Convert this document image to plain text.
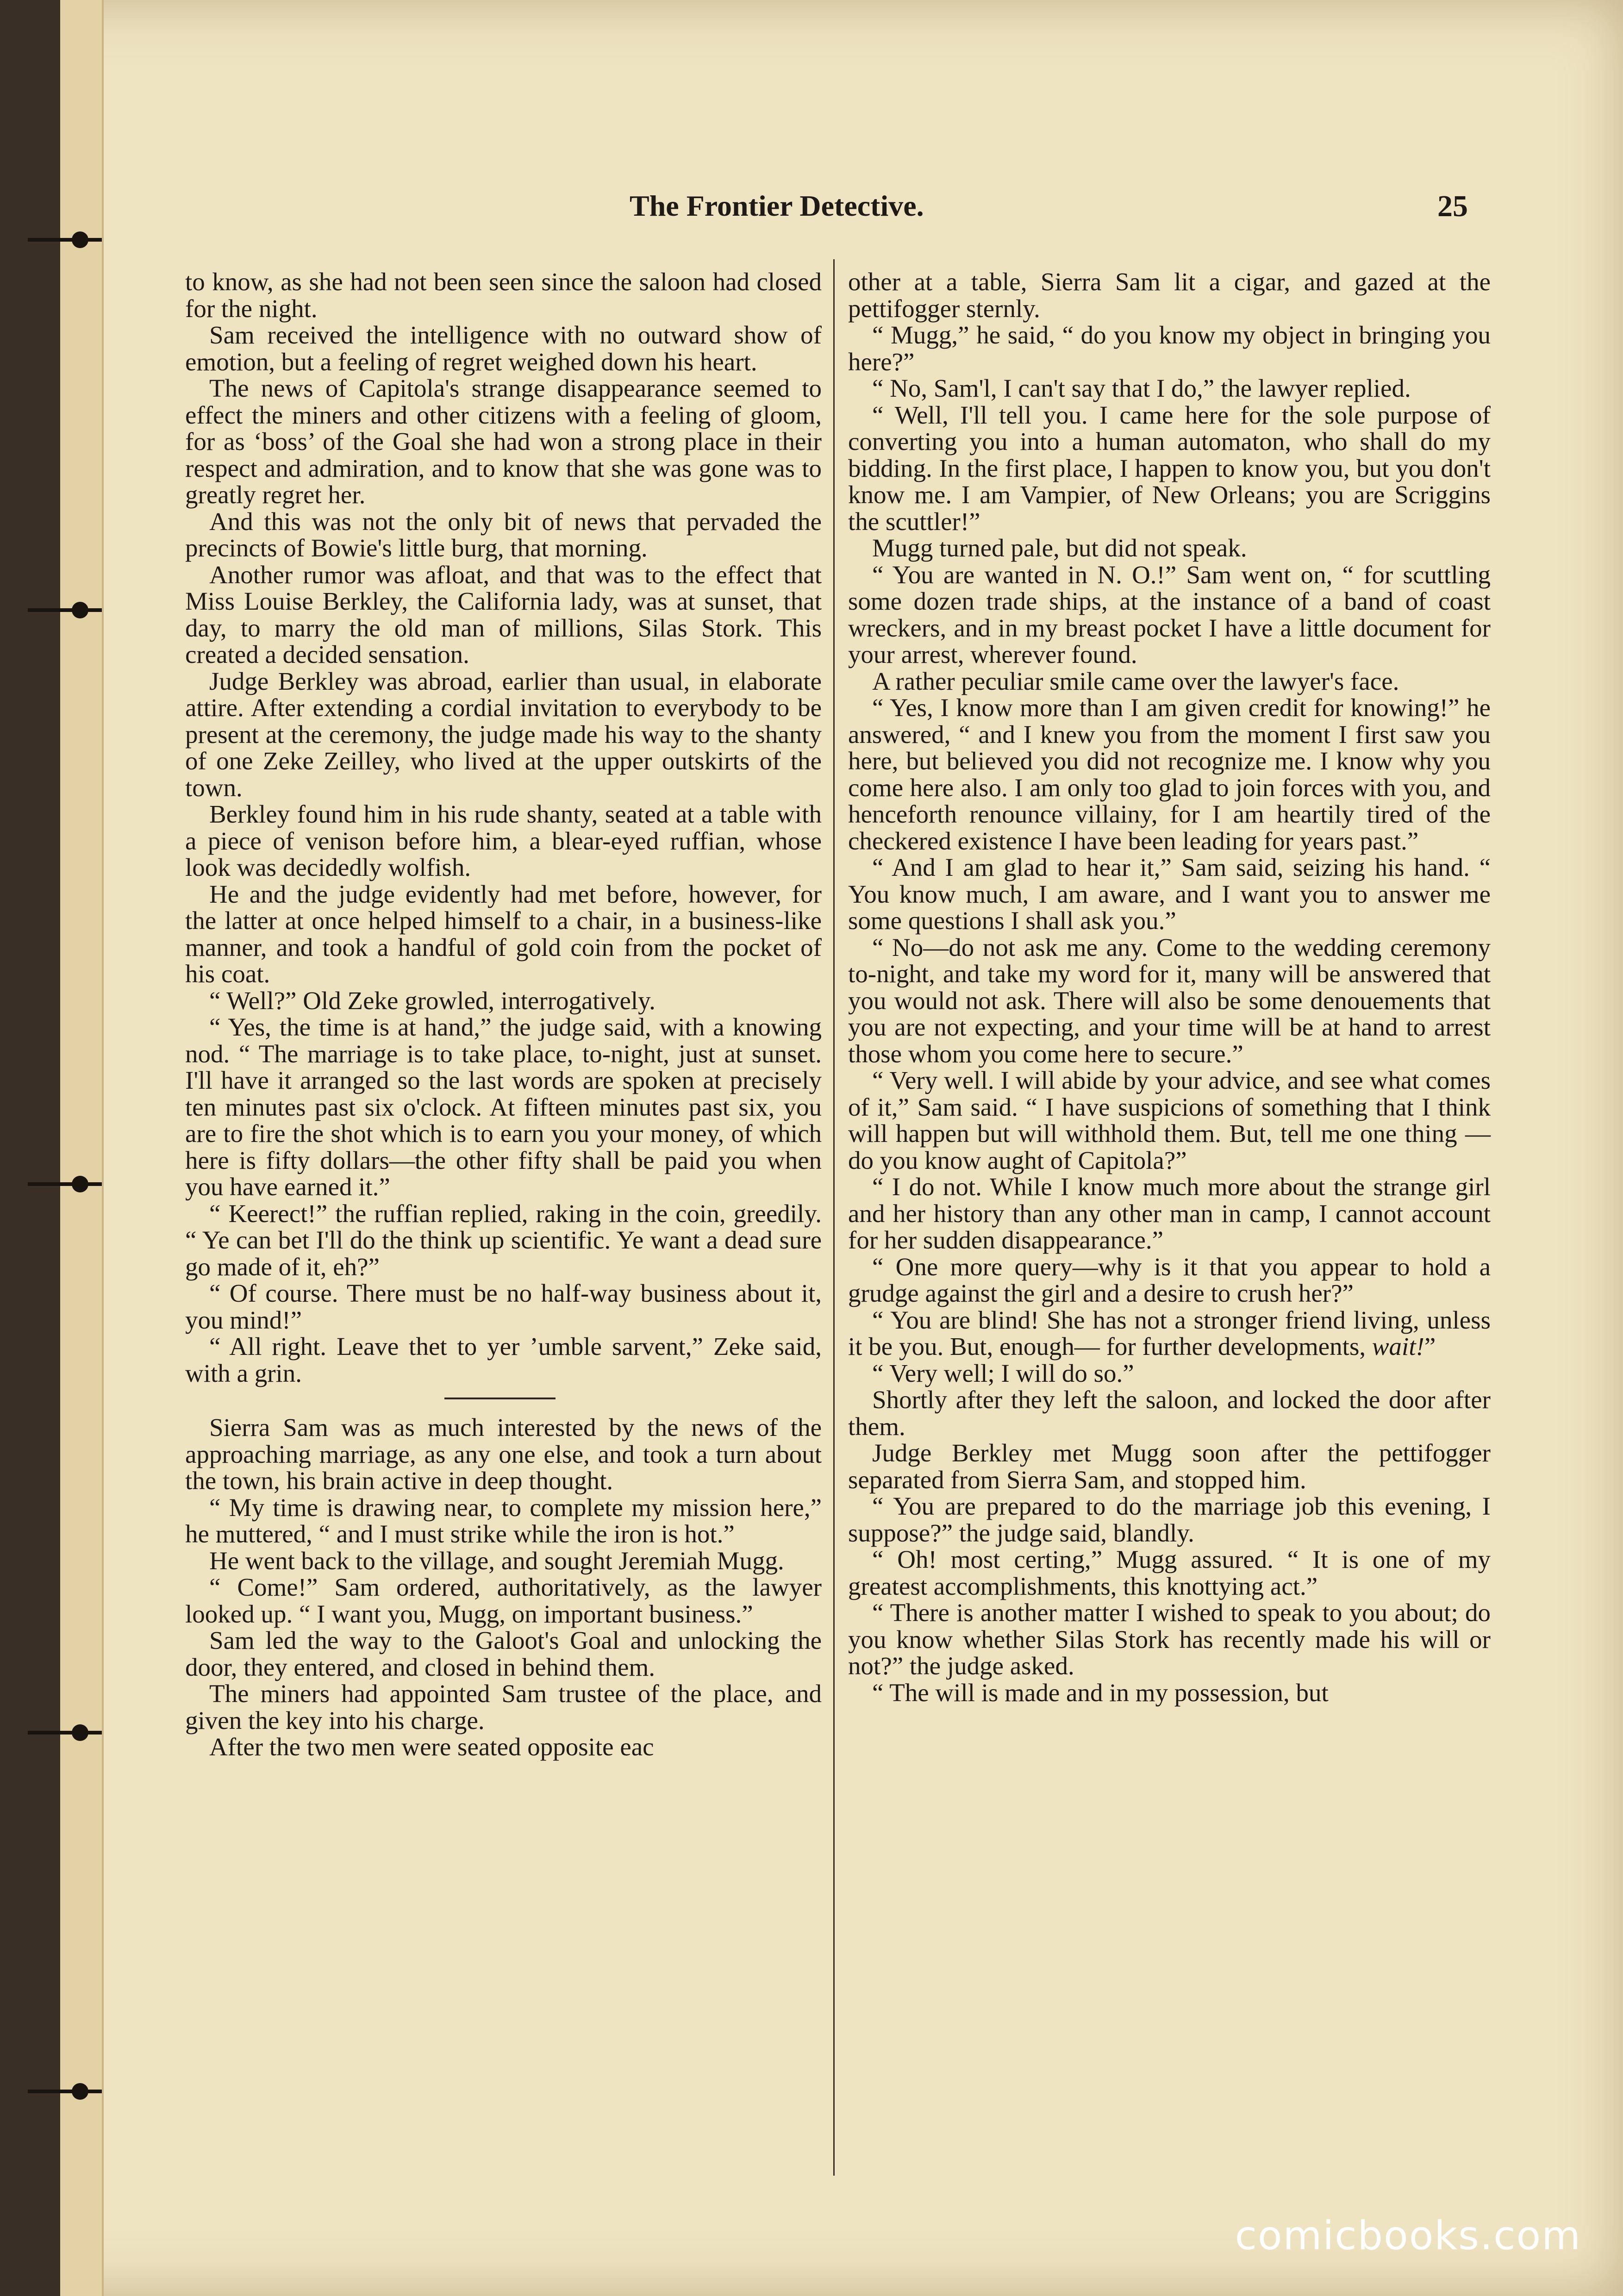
The Frontier Detective.	25

to know, as she had not been seen since the saloon had closed for the night.

Sam received the intelligence with no outward show of emotion, but a feeling of regret weighed down his heart.

The news of Capitola's strange disappearance seemed to effect the miners and other citizens with a feeling of gloom, for as ‘boss’ of the Goal she had won a strong place in their respect and admiration, and to know that she was gone was to greatly regret her.

And this was not the only bit of news that pervaded the precincts of Bowie's little burg, that morning.

Another rumor was afloat, and that was to the effect that Miss Louise Berkley, the California lady, was at sunset, that day, to marry the old man of millions, Silas Stork. This created a decided sensation.

Judge Berkley was abroad, earlier than usual, in elaborate attire. After extending a cordial invitation to everybody to be present at the ceremony, the judge made his way to the shanty of one Zeke Zeilley, who lived at the upper outskirts of the town.

Berkley found him in his rude shanty, seated at a table with a piece of venison before him, a blear-eyed ruffian, whose look was decidedly wolfish.

He and the judge evidently had met before, however, for the latter at once helped himself to a chair, in a business-like manner, and took a handful of gold coin from the pocket of his coat.

“ Well?” Old Zeke growled, interrogatively.

“ Yes, the time is at hand,” the judge said, with a knowing nod. “ The marriage is to take place, to-night, just at sunset. I'll have it arranged so the last words are spoken at precisely ten minutes past six o'clock. At fifteen minutes past six, you are to fire the shot which is to earn you your money, of which here is fifty dollars—the other fifty shall be paid you when you have earned it.”

“ Keerect!” the ruffian replied, raking in the coin, greedily. “ Ye can bet I'll do the think up scientific. Ye want a dead sure go made of it, eh?”

“ Of course. There must be no half-way business about it, you mind!”

“ All right. Leave thet to yer ’umble sarvent,” Zeke said, with a grin.

Sierra Sam was as much interested by the news of the approaching marriage, as any one else, and took a turn about the town, his brain active in deep thought.

“ My time is drawing near, to complete my mission here,” he muttered, “ and I must strike while the iron is hot.”

He went back to the village, and sought Jeremiah Mugg.

“ Come!” Sam ordered, authoritatively, as the lawyer looked up. “ I want you, Mugg, on important business.”

Sam led the way to the Galoot's Goal and unlocking the door, they entered, and closed in behind them.

The miners had appointed Sam trustee of the place, and given the key into his charge.

After the two men were seated opposite eac

other at a table, Sierra Sam lit a cigar, and gazed at the pettifogger sternly.

“ Mugg,” he said, “ do you know my object in bringing you here?”

“ No, Sam'l, I can't say that I do,” the lawyer replied.

“ Well, I'll tell you. I came here for the sole purpose of converting you into a human automaton, who shall do my bidding. In the first place, I happen to know you, but you don't know me. I am Vampier, of New Orleans; you are Scriggins the scuttler!”

Mugg turned pale, but did not speak.

“ You are wanted in N. O.!” Sam went on, “ for scuttling some dozen trade ships, at the instance of a band of coast wreckers, and in my breast pocket I have a little document for your arrest, wherever found.

A rather peculiar smile came over the lawyer's face.

“ Yes, I know more than I am given credit for knowing!” he answered, “ and I knew you from the moment I first saw you here, but believed you did not recognize me. I know why you come here also. I am only too glad to join forces with you, and henceforth renounce villainy, for I am heartily tired of the checkered existence I have been leading for years past.”

“ And I am glad to hear it,” Sam said, seizing his hand. “ You know much, I am aware, and I want you to answer me some questions I shall ask you.”

“ No—do not ask me any. Come to the wedding ceremony to-night, and take my word for it, many will be answered that you would not ask. There will also be some denouements that you are not expecting, and your time will be at hand to arrest those whom you come here to secure.”

“ Very well. I will abide by your advice, and see what comes of it,” Sam said. “ I have suspicions of something that I think will happen but will withhold them. But, tell me one thing —do you know aught of Capitola?”

“ I do not. While I know much more about the strange girl and her history than any other man in camp, I cannot account for her sudden disappearance.”

“ One more query—why is it that you appear to hold a grudge against the girl and a desire to crush her?”

“ You are blind! She has not a stronger friend living, unless it be you. But, enough— for further developments, wait!”

“ Very well; I will do so.”

Shortly after they left the saloon, and locked the door after them.

Judge Berkley met Mugg soon after the pettifogger separated from Sierra Sam, and stopped him.

“ You are prepared to do the marriage job this evening, I suppose?” the judge said, blandly.

“ Oh! most certing,” Mugg assured. “ It is one of my greatest accomplishments, this knottying act.”

“ There is another matter I wished to speak to you about; do you know whether Silas Stork has recently made his will or not?” the judge asked.

“ The will is made and in my possession, but

comicbooks.com
